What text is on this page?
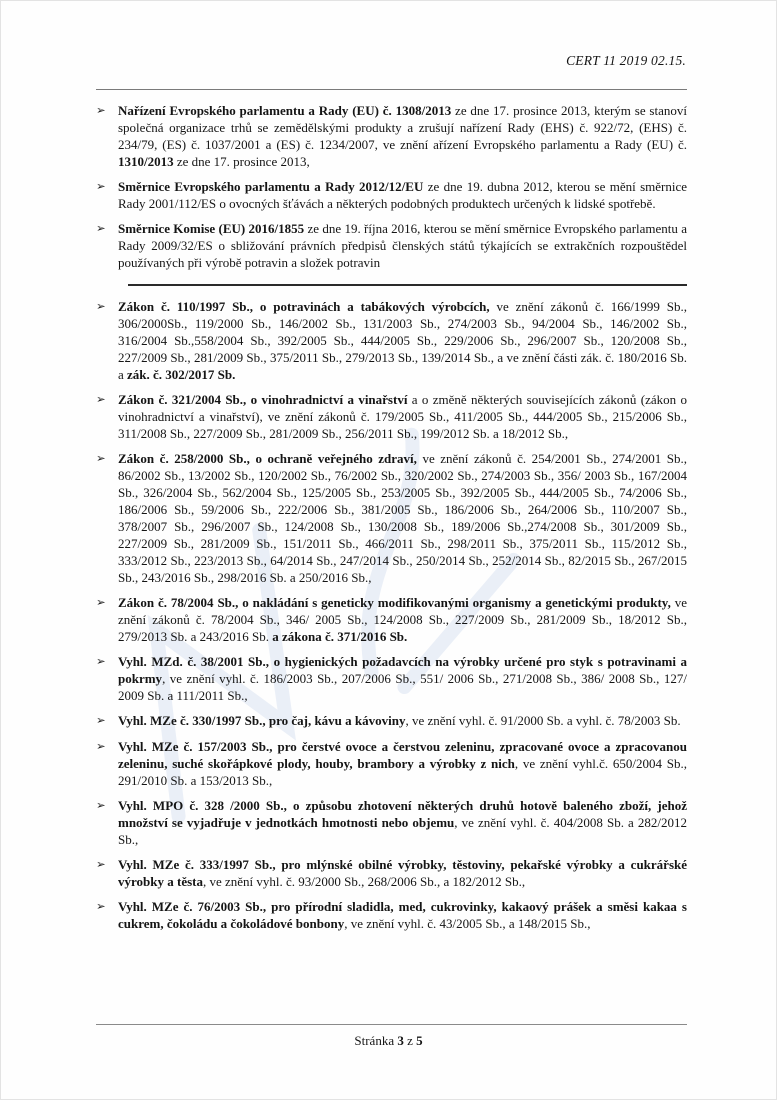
CERT 11 2019 02.15.
➢ Nařízení Evropského parlamentu a Rady (EU) č. 1308/2013 ze dne 17. prosince 2013, kterým se stanoví společná organizace trhů se zemědělskými produkty a zrušují nařízení Rady (EHS) č. 922/72, (EHS) č. 234/79, (ES) č. 1037/2001 a (ES) č. 1234/2007, ve znění ařízení Evropského parlamentu a Rady (EU) č. 1310/2013 ze dne 17. prosince 2013,
➢ Směrnice Evropského parlamentu a Rady 2012/12/EU ze dne 19. dubna 2012, kterou se mění směrnice Rady 2001/112/ES o ovocných šťávách a některých podobných produktech určených k lidské spotřebě.
➢ Směrnice Komise (EU) 2016/1855 ze dne 19. října 2016, kterou se mění směrnice Evropského parlamentu a Rady 2009/32/ES o sbližování právních předpisů členských států týkajících se extrakčních rozpouštědel používaných při výrobě potravin a složek potravin
➢ Zákon č. 110/1997 Sb., o potravinách a tabákových výrobcích, ve znění zákonů č. 166/1999 Sb., 306/2000Sb., 119/2000 Sb., 146/2002 Sb., 131/2003 Sb., 274/2003 Sb., 94/2004 Sb., 146/2002 Sb., 316/2004 Sb.,558/2004 Sb., 392/2005 Sb., 444/2005 Sb., 229/2006 Sb., 296/2007 Sb., 120/2008 Sb., 227/2009 Sb., 281/2009 Sb., 375/2011 Sb., 279/2013 Sb., 139/2014 Sb., a ve znění části zák. č. 180/2016 Sb. a zák. č. 302/2017 Sb.
➢ Zákon č. 321/2004 Sb., o vinohradnictví a vinařství a o změně některých souvisejících zákonů (zákon o vinohradnictví a vinařství), ve znění zákonů č. 179/2005 Sb., 411/2005 Sb., 444/2005 Sb., 215/2006 Sb., 311/2008 Sb., 227/2009 Sb., 281/2009 Sb., 256/2011 Sb., 199/2012 Sb. a 18/2012 Sb.,
➢ Zákon č. 258/2000 Sb., o ochraně veřejného zdraví, ve znění zákonů č. 254/2001 Sb., 274/2001 Sb., 86/2002 Sb., 13/2002 Sb., 120/2002 Sb., 76/2002 Sb., 320/2002 Sb., 274/2003 Sb., 356/ 2003 Sb., 167/2004 Sb., 326/2004 Sb., 562/2004 Sb., 125/2005 Sb., 253/2005 Sb., 392/2005 Sb., 444/2005 Sb., 74/2006 Sb., 186/2006 Sb., 59/2006 Sb., 222/2006 Sb., 381/2005 Sb., 186/2006 Sb., 264/2006 Sb., 110/2007 Sb., 378/2007 Sb., 296/2007 Sb., 124/2008 Sb., 130/2008 Sb., 189/2006 Sb.,274/2008 Sb., 301/2009 Sb., 227/2009 Sb., 281/2009 Sb., 151/2011 Sb., 466/2011 Sb., 298/2011 Sb., 375/2011 Sb., 115/2012 Sb., 333/2012 Sb., 223/2013 Sb., 64/2014 Sb., 247/2014 Sb., 250/2014 Sb., 252/2014 Sb., 82/2015 Sb., 267/2015 Sb., 243/2016 Sb., 298/2016 Sb. a 250/2016 Sb.,
➢ Zákon č. 78/2004 Sb., o nakládání s geneticky modifikovanými organismy a genetickými produkty, ve znění zákonů č. 78/2004 Sb., 346/ 2005 Sb., 124/2008 Sb., 227/2009 Sb., 281/2009 Sb., 18/2012 Sb., 279/2013 Sb. a 243/2016 Sb. a zákona č. 371/2016 Sb.
➢ Vyhl. MZd. č. 38/2001 Sb., o hygienických požadavcích na výrobky určené pro styk s potravinami a pokrmy, ve znění vyhl. č. 186/2003 Sb., 207/2006 Sb., 551/ 2006 Sb., 271/2008 Sb., 386/ 2008 Sb., 127/ 2009 Sb. a 111/2011 Sb.,
➢ Vyhl. MZe č. 330/1997 Sb., pro čaj, kávu a kávoviny, ve znění vyhl. č. 91/2000 Sb. a vyhl. č. 78/2003 Sb.
➢ Vyhl. MZe č. 157/2003 Sb., pro čerstvé ovoce a čerstvou zeleninu, zpracované ovoce a zpracovanou zeleninu, suché skořápkové plody, houby, brambory a výrobky z nich, ve znění vyhl.č. 650/2004 Sb., 291/2010 Sb. a 153/2013 Sb.,
➢ Vyhl. MPO č. 328 /2000 Sb., o způsobu zhotovení některých druhů hotově baleného zboží, jehož množství se vyjadřuje v jednotkách hmotnosti nebo objemu, ve znění vyhl. č. 404/2008 Sb. a 282/2012 Sb.,
➢ Vyhl. MZe č. 333/1997 Sb., pro mlýnské obilné výrobky, těstoviny, pekařské výrobky a cukrářské výrobky a těsta, ve znění vyhl. č. 93/2000 Sb., 268/2006 Sb., a 182/2012 Sb.,
➢ Vyhl. MZe č. 76/2003 Sb., pro přírodní sladidla, med, cukrovinky, kakaový prášek a směsi kakaa s cukrem, čokoládu a čokoládové bonbony, ve znění vyhl. č. 43/2005 Sb., a 148/2015 Sb.,
Stránka 3 z 5
